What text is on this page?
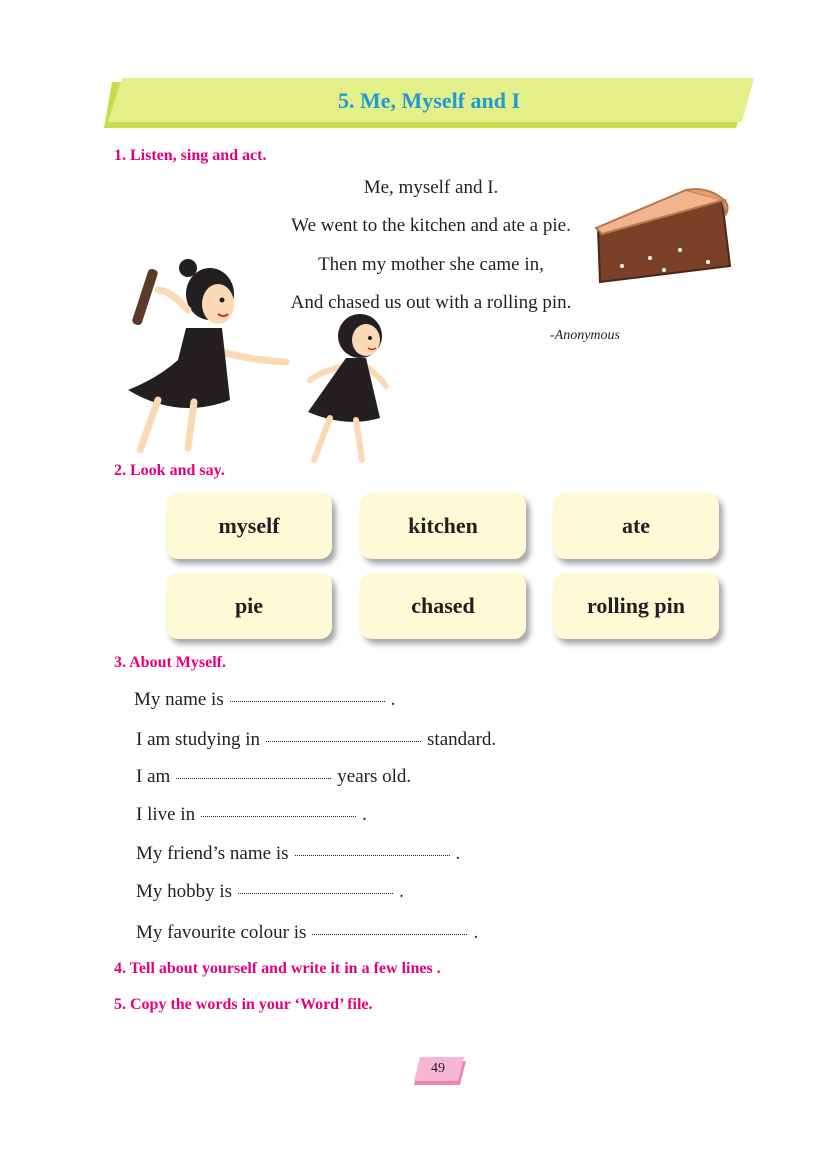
5. Me, Myself and I
1. Listen, sing and act.
Me, myself and I.
We went to the kitchen and ate a pie.
Then my mother she came in,
And chased us out with a rolling pin.
-Anonymous
2. Look and say.
myself	kitchen	ate
pie	chased	rolling pin
3. About Myself.
My name is	.
I am studying in	standard.
I am	years old.
I live in	.
My friend’s name is	.
My hobby is	.
My favourite colour is	.
4. Tell about yourself and write it in a few lines .
5. Copy the words in your ‘Word’ file.
49
